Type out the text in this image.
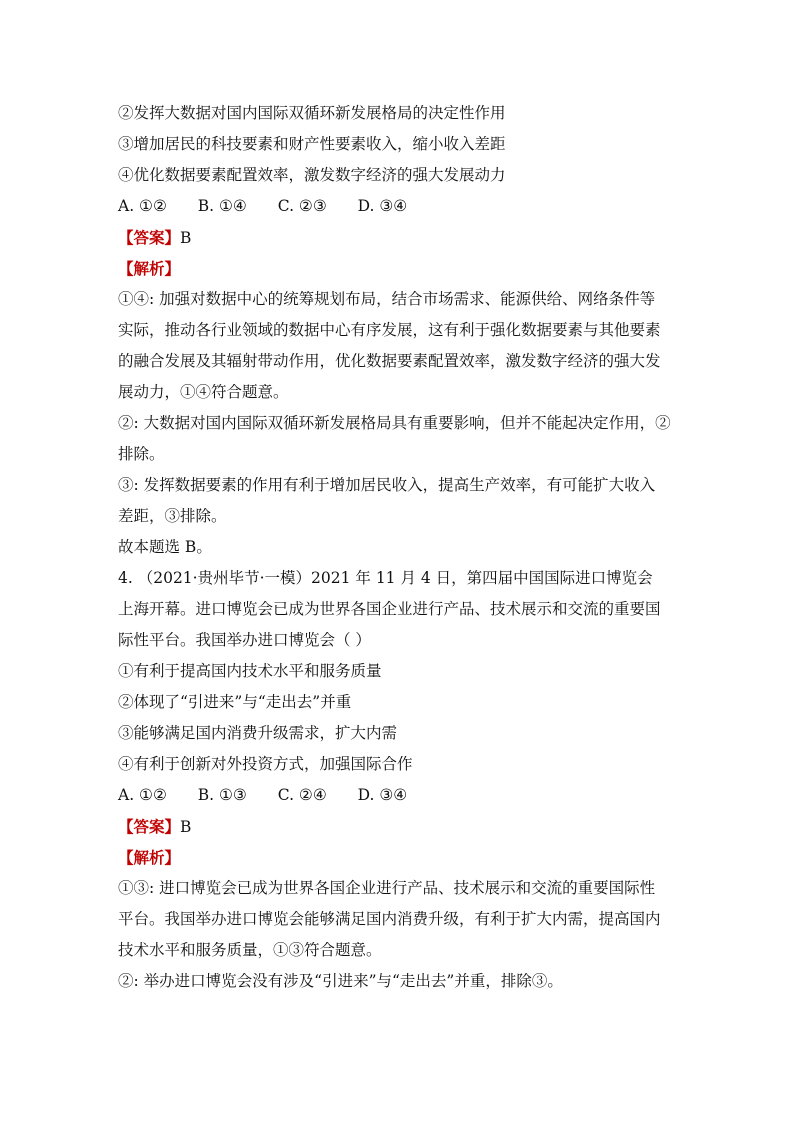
②发挥大数据对国内国际双循环新发展格局的决定性作用
③增加居民的科技要素和财产性要素收入，缩小收入差距
④优化数据要素配置效率，激发数字经济的强大发展动力
A. ①② B. ①④ C. ②③ D. ③④
【答案】B
【解析】
①④: 加强对数据中心的统筹规划布局，结合市场需求、能源供给、网络条件等
实际，推动各行业领域的数据中心有序发展，这有利于强化数据要素与其他要素
的融合发展及其辐射带动作用，优化数据要素配置效率，激发数字经济的强大发
展动力，①④符合题意。
②: 大数据对国内国际双循环新发展格局具有重要影响，但并不能起决定作用，②
排除。
③: 发挥数据要素的作用有利于增加居民收入，提高生产效率，有可能扩大收入
差距，③排除。
故本题选 B。
4. （2021·贵州毕节·一模）2021 年 11 月 4 日，第四届中国国际进口博览会
上海开幕。进口博览会已成为世界各国企业进行产品、技术展示和交流的重要国
际性平台。我国举办进口博览会（ ）
①有利于提高国内技术水平和服务质量
②体现了“引进来”与“走出去”并重
③能够满足国内消费升级需求，扩大内需
④有利于创新对外投资方式，加强国际合作
A. ①② B. ①③ C. ②④ D. ③④
【答案】B
【解析】
①③: 进口博览会已成为世界各国企业进行产品、技术展示和交流的重要国际性
平台。我国举办进口博览会能够满足国内消费升级，有利于扩大内需，提高国内
技术水平和服务质量，①③符合题意。
②: 举办进口博览会没有涉及“引进来”与“走出去”并重，排除③。
